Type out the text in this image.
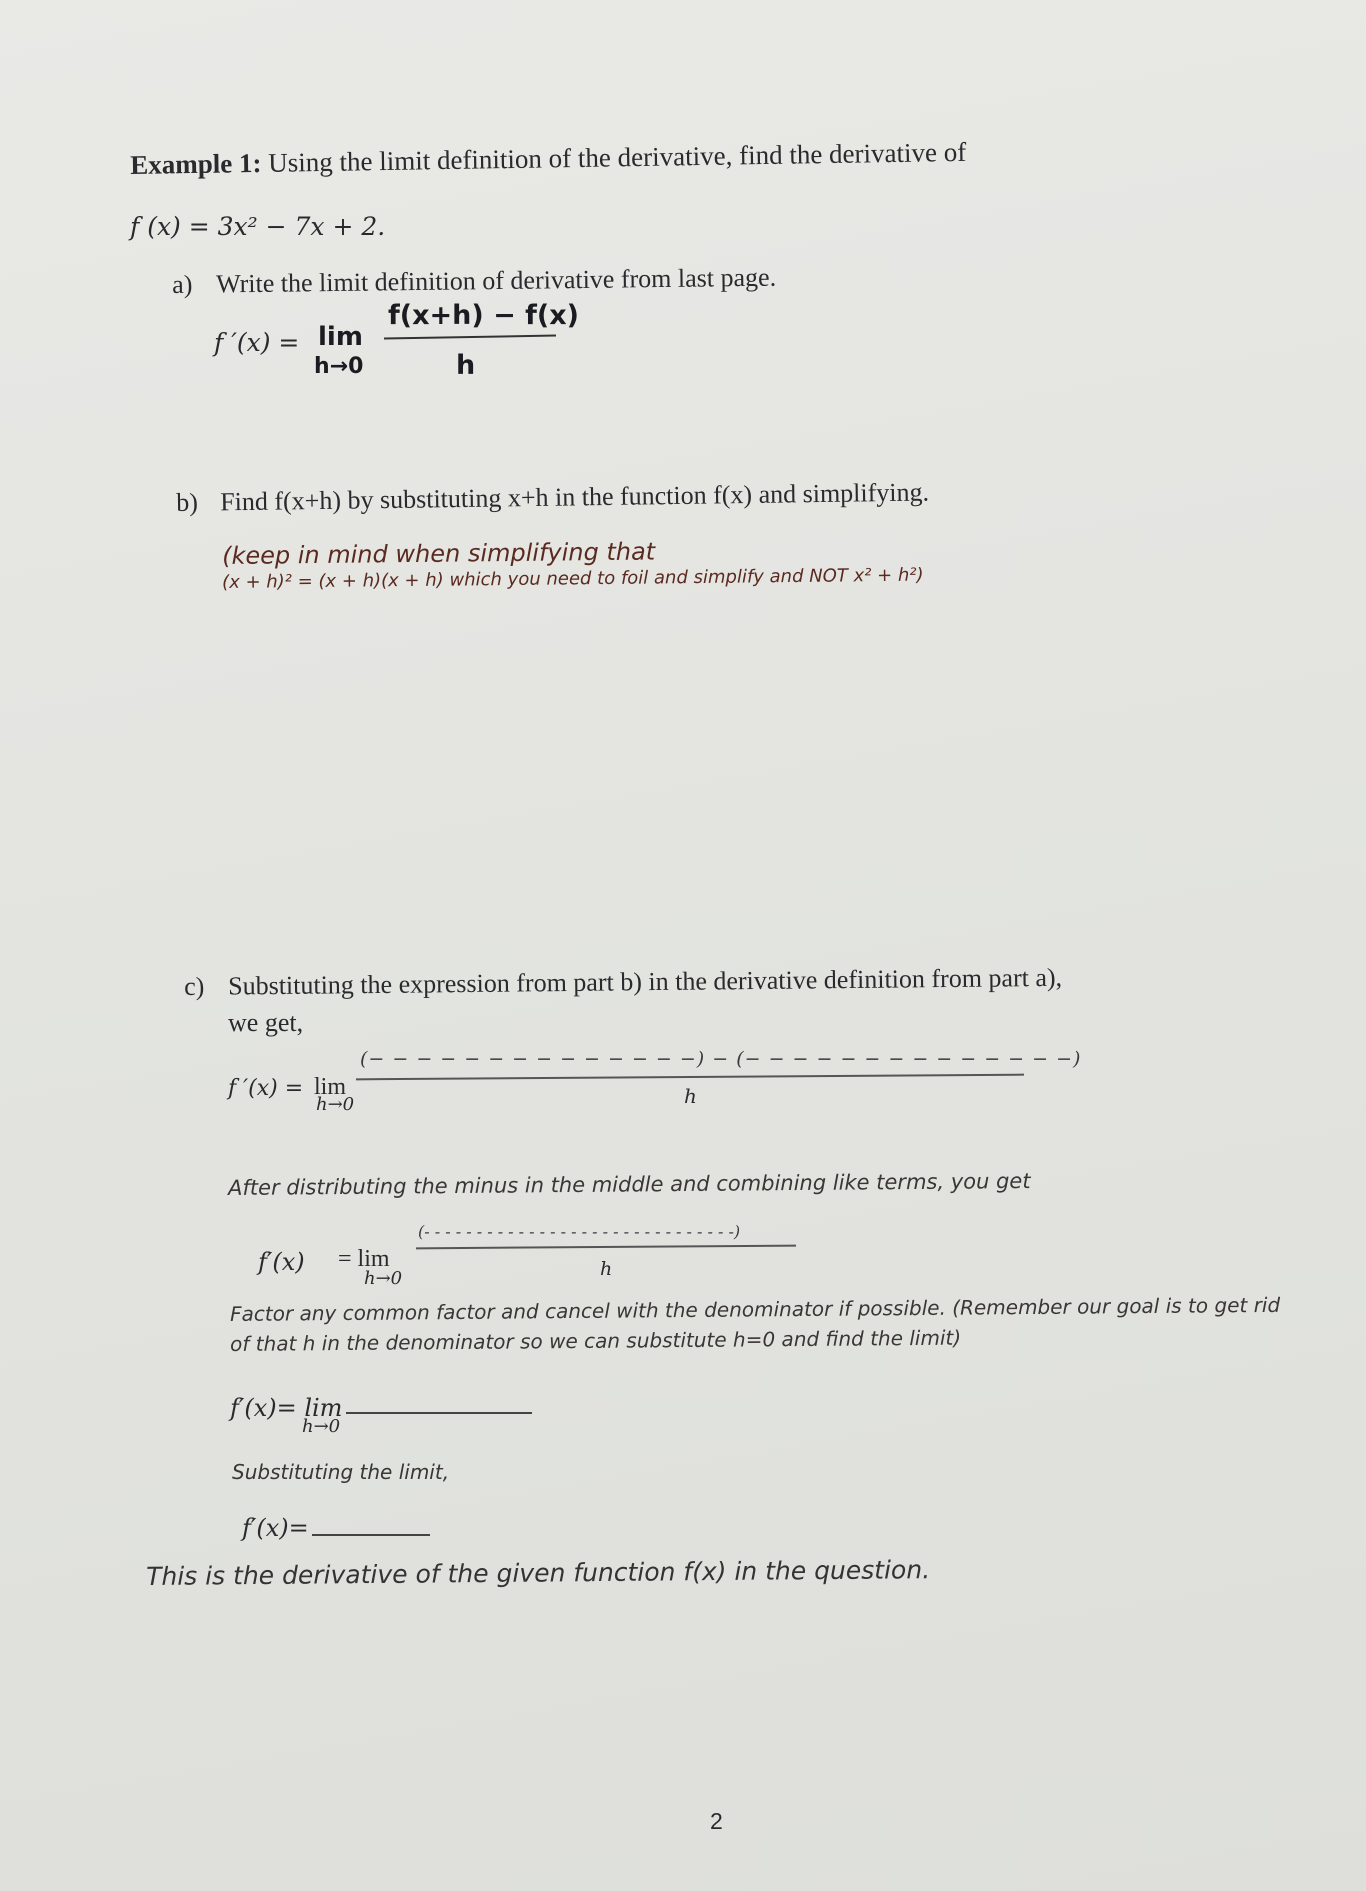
Example 1: Using the limit definition of the derivative, find the derivative of
f (x) = 3x² − 7x + 2.
a) Write the limit definition of derivative from last page.
f ′(x) = lim
h→0
f(x+h) − f(x)
h
b) Find f(x+h) by substituting x+h in the function f(x) and simplifying.
(keep in mind when simplifying that
(x + h)² = (x + h)(x + h) which you need to foil and simplify and NOT x² + h²)
c) Substituting the expression from part b) in the derivative definition from part a),
we get,
f ′(x) = lim
h→0
(− − − − − − − − − − − − − −) − (− − − − − − − − − − − − − −)
h
After distributing the minus in the middle and combining like terms, you get
f′(x) = lim
h→0
(- - - - - - - - - - - - - - - - - - - - - - - - - - - - - -)
h
Factor any common factor and cancel with the denominator if possible. (Remember our goal is to get rid
of that h in the denominator so we can substitute h=0 and find the limit)
f′(x)= lim
h→0
Substituting the limit,
f′(x)=
This is the derivative of the given function f(x) in the question.
2
